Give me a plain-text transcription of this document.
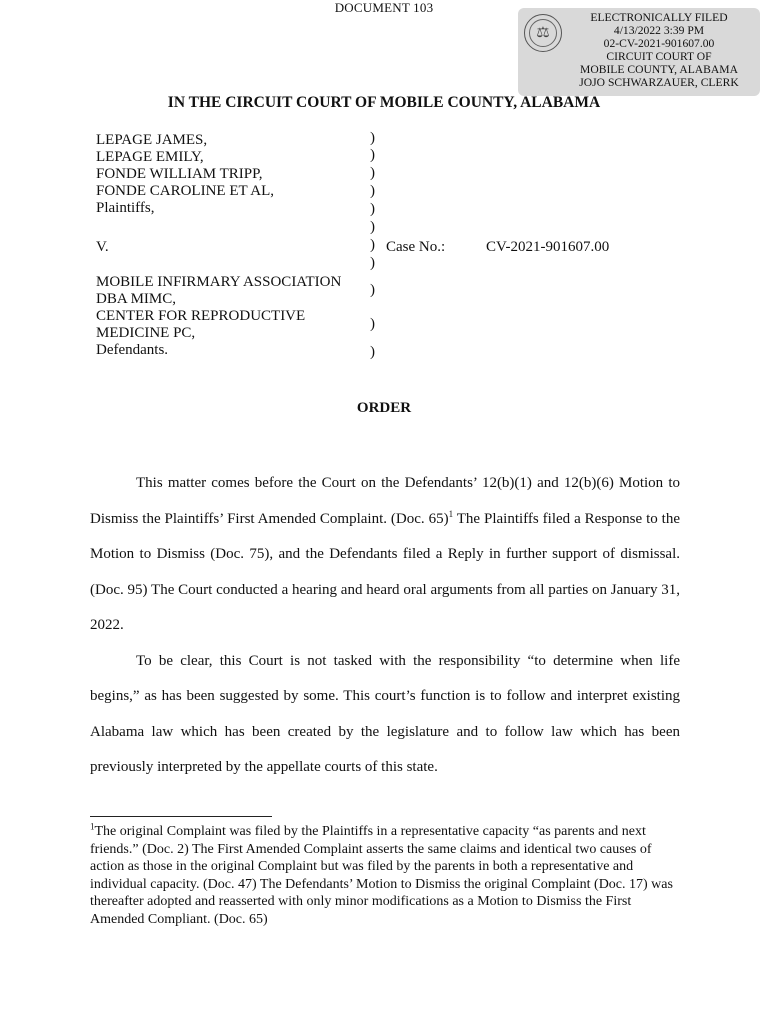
DOCUMENT 103
⚖
ELECTRONICALLY FILED
4/13/2022 3:39 PM
02-CV-2021-901607.00
CIRCUIT COURT OF
MOBILE COUNTY, ALABAMA
JOJO SCHWARZAUER, CLERK
IN THE CIRCUIT COURT OF MOBILE COUNTY, ALABAMA
LEPAGE JAMES,
LEPAGE EMILY,
FONDE WILLIAM TRIPP,
FONDE CAROLINE ET AL,
Plaintiffs,
V.
MOBILE INFIRMARY ASSOCIATION
DBA MIMC,
CENTER FOR REPRODUCTIVE
MEDICINE PC,
Defendants.
)
)
)
)
)
)
)
)
)
)
)
Case No.:	CV-2021-901607.00
ORDER

This matter comes before the Court on the Defendants’ 12(b)(1) and 12(b)(6) Motion to Dismiss the Plaintiffs’ First Amended Complaint. (Doc. 65)$^1$ The Plaintiffs filed a Response to the Motion to Dismiss (Doc. 75), and the Defendants filed a Reply in further support of dismissal. (Doc. 95) The Court conducted a hearing and heard oral arguments from all parties on January 31, 2022.

To be clear, this Court is not tasked with the responsibility “to determine when life begins,” as has been suggested by some. This court’s function is to follow and interpret existing Alabama law which has been created by the legislature and to follow law which has been previously interpreted by the appellate courts of this state.

$^1$The original Complaint was filed by the Plaintiffs in a representative capacity “as parents and next friends.” (Doc. 2) The First Amended Complaint asserts the same claims and identical two causes of action as those in the original Complaint but was filed by the parents in both a representative and individual capacity. (Doc. 47) The Defendants’ Motion to Dismiss the original Complaint (Doc. 17) was thereafter adopted and reasserted with only minor modifications as a Motion to Dismiss the First Amended Compliant. (Doc. 65)
